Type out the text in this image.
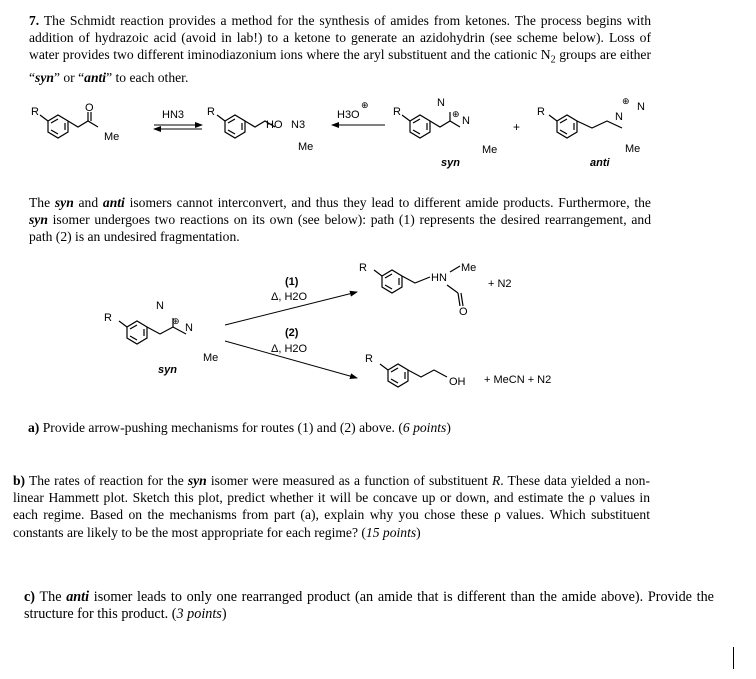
7. The Schmidt reaction provides a method for the synthesis of amides from ketones. The process begins with addition of hydrazoic acid (avoid in lab!) to a ketone to generate an azidohydrin (see scheme below). Loss of water provides two different iminodiazonium ions where the aryl substituent and the cationic $N_2$ groups are either “syn” or “anti” to each other.

R	O
Me
HN3 R
HO N3
Me
H3O
⊕
R
N
⊕
N
Me
syn
+
R	N
⊕ N
Me
anti
R
N
⊕
N
Me
syn
(1)
Δ, H2O
(2)
Δ, H2O
R
HN
Me
O
+ N2
R
OH + MeCN + N2

The syn and anti isomers cannot interconvert, and thus they lead to different amide products. Furthermore, the syn isomer undergoes two reactions on its own (see below): path (1) represents the desired rearrangement, and path (2) is an undesired fragmentation.

a) Provide arrow-pushing mechanisms for routes (1) and (2) above. (6 points)

b) The rates of reaction for the syn isomer were measured as a function of substituent R. These data yielded a non-linear Hammett plot. Sketch this plot, predict whether it will be concave up or down, and estimate the ρ values in each regime. Based on the mechanisms from part (a), explain why you chose these ρ values. Which substituent constants are likely to be the most appropriate for each regime? (15 points)

c) The anti isomer leads to only one rearranged product (an amide that is different than the amide above). Provide the structure for this product. (3 points)
